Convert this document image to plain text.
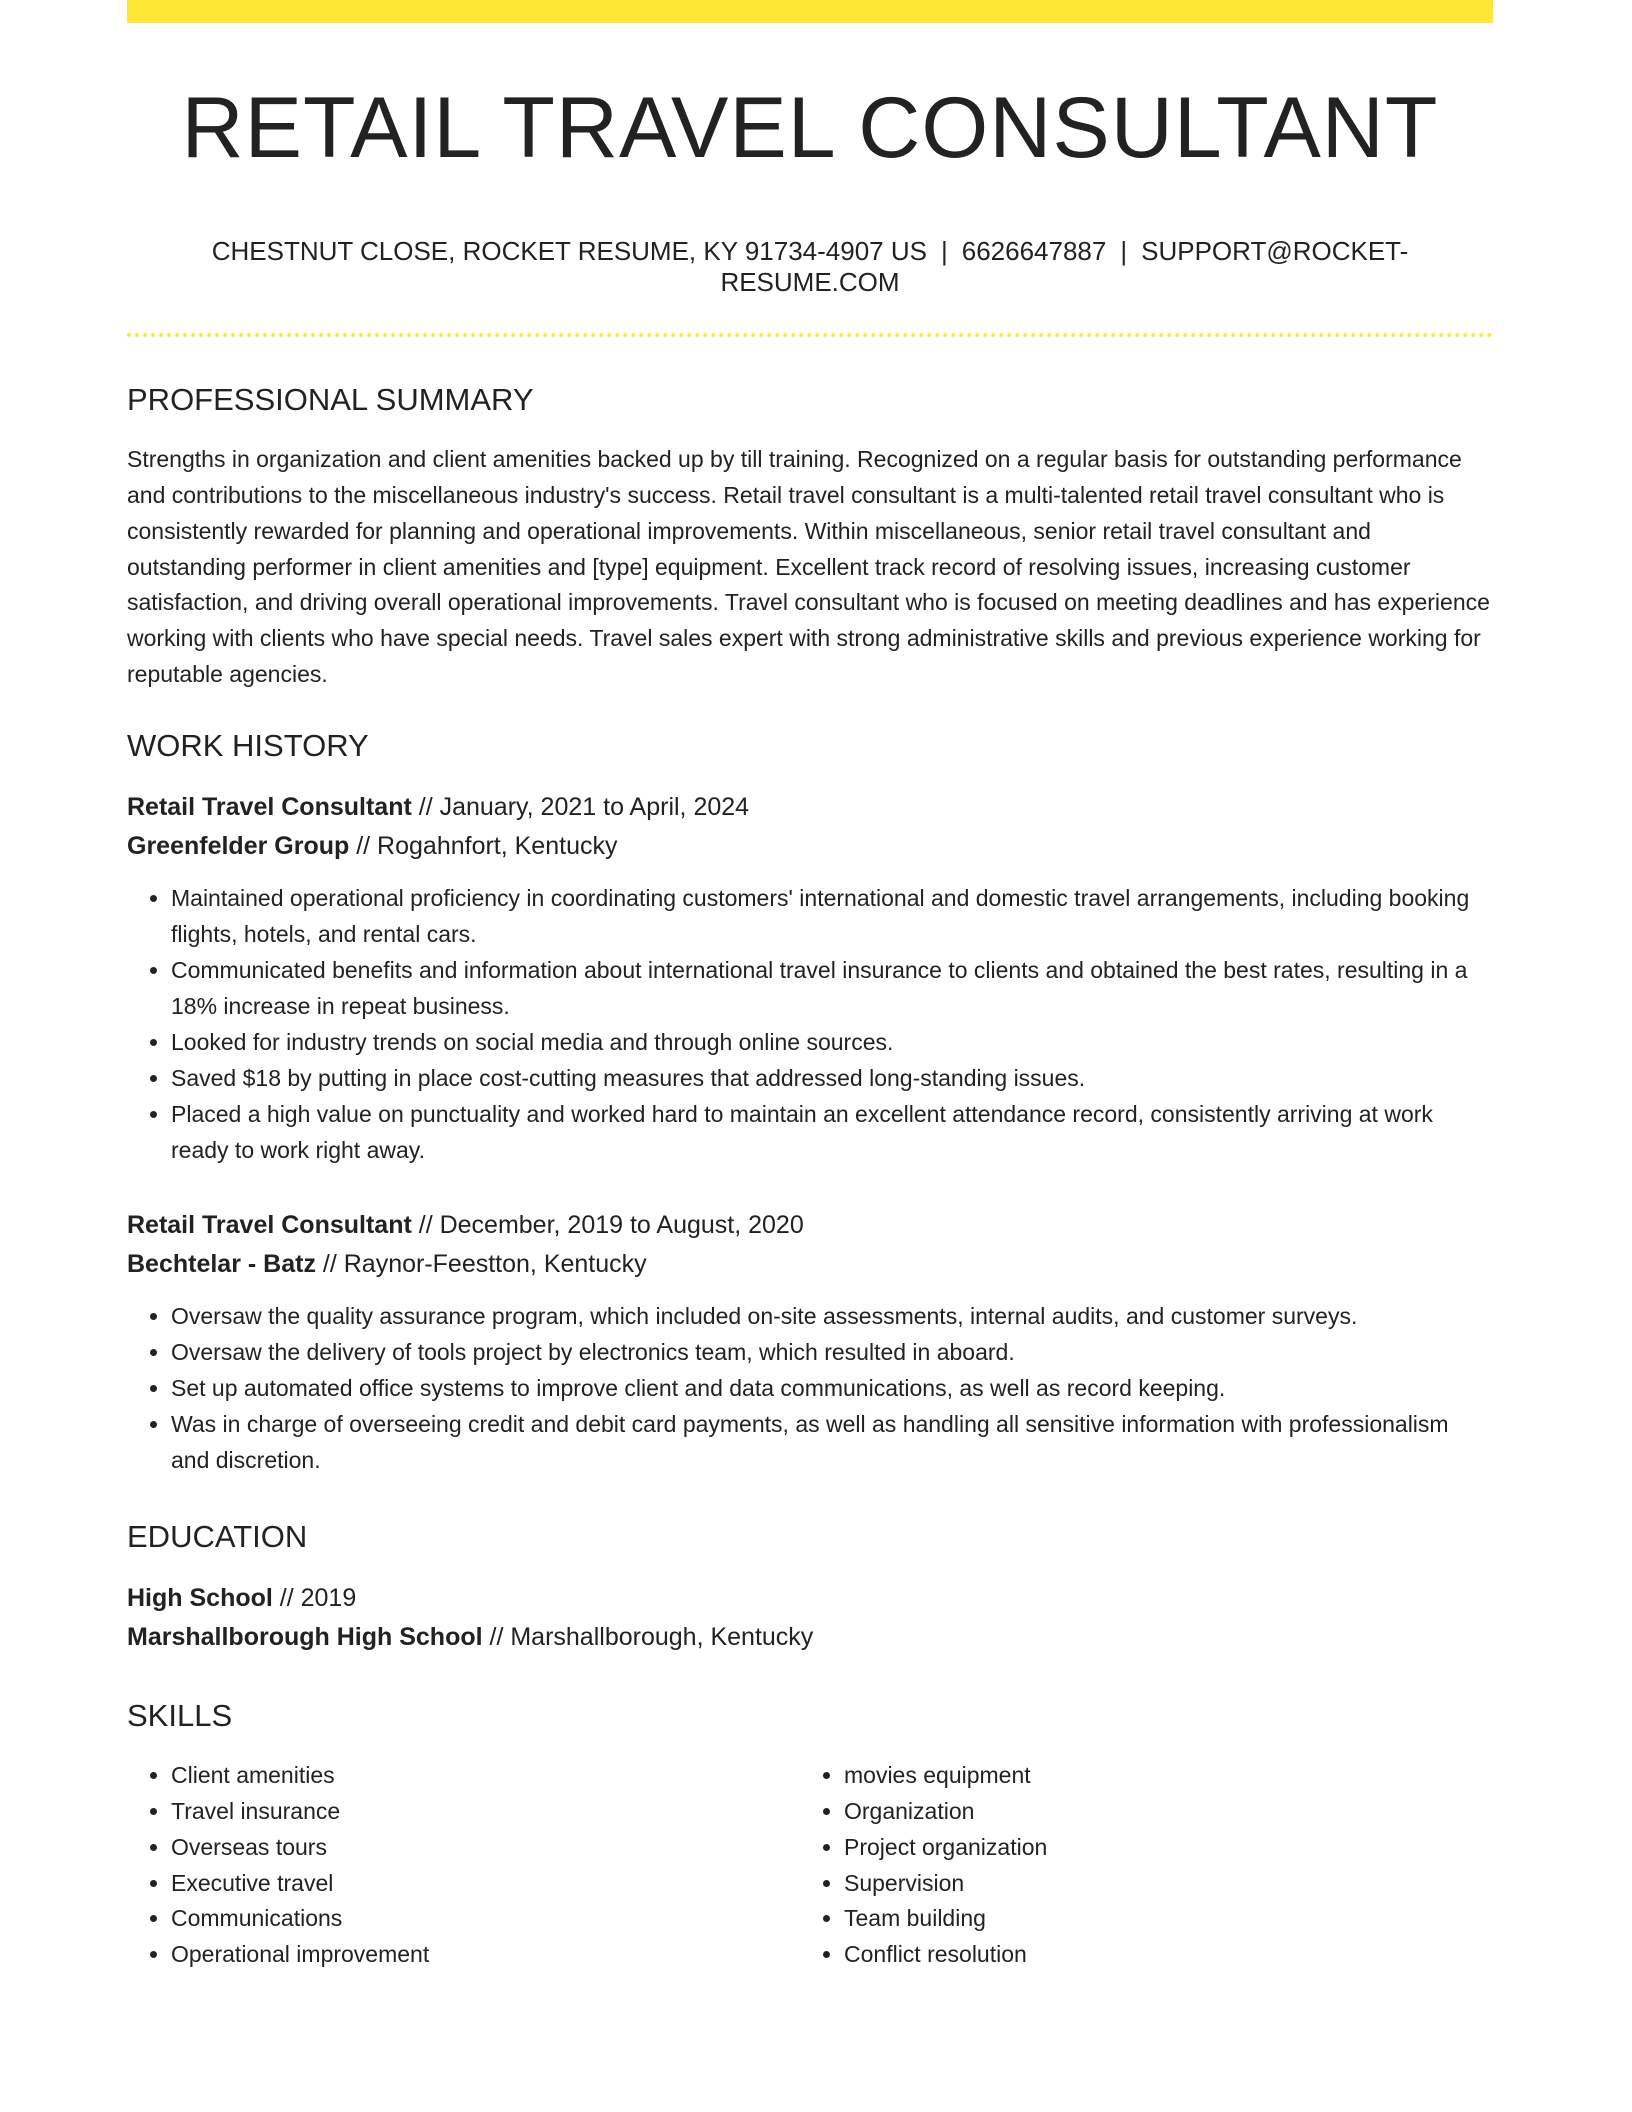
RETAIL TRAVEL CONSULTANT
CHESTNUT CLOSE, ROCKET RESUME, KY 91734-4907 US | 6626647887 | SUPPORT@ROCKET-RESUME.COM
PROFESSIONAL SUMMARY

Strengths in organization and client amenities backed up by till training. Recognized on a regular basis for outstanding performance and contributions to the miscellaneous industry's success. Retail travel consultant is a multi-talented retail travel consultant who is consistently rewarded for planning and operational improvements. Within miscellaneous, senior retail travel consultant and outstanding performer in client amenities and [type] equipment. Excellent track record of resolving issues, increasing customer satisfaction, and driving overall operational improvements. Travel consultant who is focused on meeting deadlines and has experience working with clients who have special needs. Travel sales expert with strong administrative skills and previous experience working for reputable agencies.

WORK HISTORY
Retail Travel Consultant // January, 2021 to April, 2024
Greenfelder Group // Rogahnfort, Kentucky
• Maintained operational proficiency in coordinating customers' international and domestic travel arrangements, including booking flights, hotels, and rental cars.
• Communicated benefits and information about international travel insurance to clients and obtained the best rates, resulting in a 18% increase in repeat business.
• Looked for industry trends on social media and through online sources.
• Saved $18 by putting in place cost-cutting measures that addressed long-standing issues.
• Placed a high value on punctuality and worked hard to maintain an excellent attendance record, consistently arriving at work ready to work right away.
Retail Travel Consultant // December, 2019 to August, 2020
Bechtelar - Batz // Raynor-Feestton, Kentucky
• Oversaw the quality assurance program, which included on-site assessments, internal audits, and customer surveys.
• Oversaw the delivery of tools project by electronics team, which resulted in aboard.
• Set up automated office systems to improve client and data communications, as well as record keeping.
• Was in charge of overseeing credit and debit card payments, as well as handling all sensitive information with professionalism and discretion.
EDUCATION
High School // 2019
Marshallborough High School // Marshallborough, Kentucky
SKILLS
• Client amenities
• Travel insurance
• Overseas tours
• Executive travel
• Communications
• Operational improvement
• movies equipment
• Organization
• Project organization
• Supervision
• Team building
• Conflict resolution
